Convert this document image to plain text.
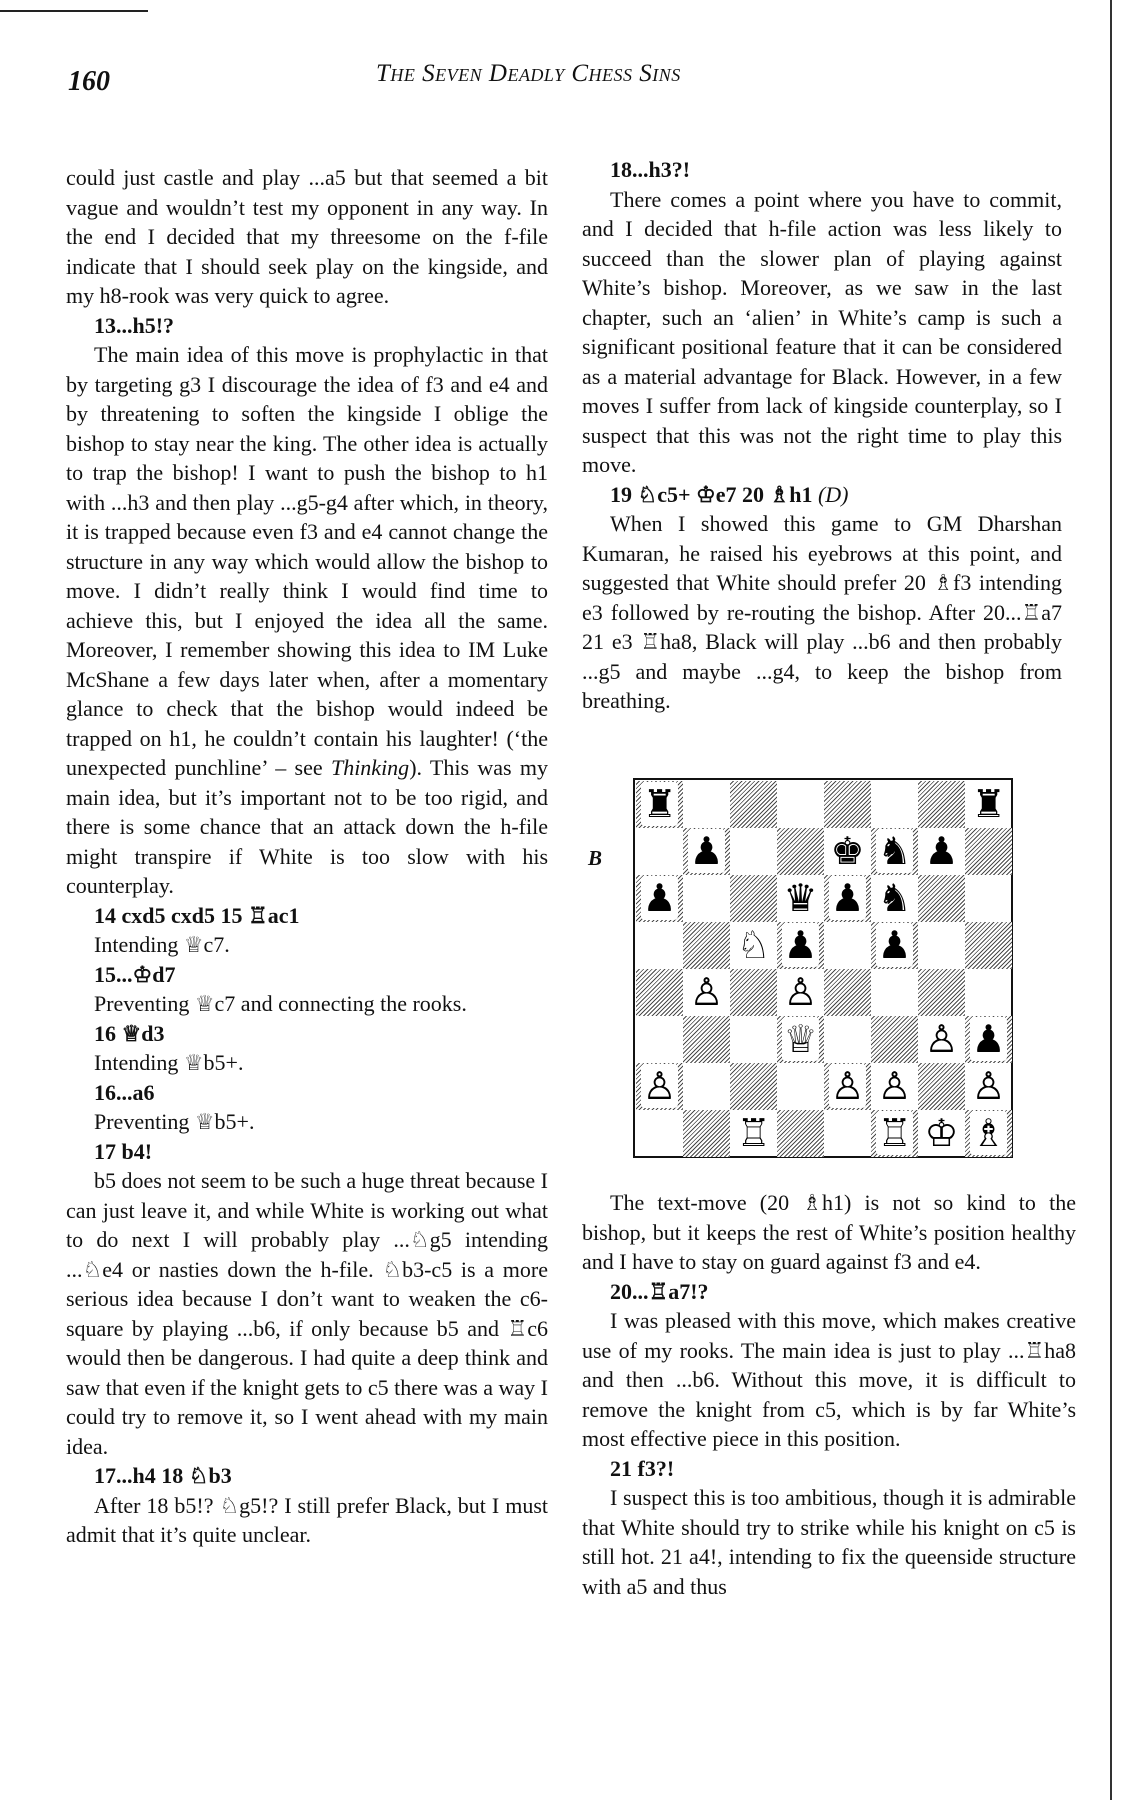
160	The Seven Deadly Chess Sins

could just castle and play ...a5 but that seemed a bit vague and wouldn’t test my opponent in any way. In the end I decided that my threesome on the f-file indicate that I should seek play on the kingside, and my h8-rook was very quick to agree.

13...h5!?

The main idea of this move is prophylactic in that by targeting g3 I discourage the idea of f3 and e4 and by threatening to soften the kingside I oblige the bishop to stay near the king. The other idea is actually to trap the bishop! I want to push the bishop to h1 with ...h3 and then play ...g5-g4 after which, in theory, it is trapped because even f3 and e4 cannot change the structure in any way which would allow the bishop to move. I didn’t really think I would find time to achieve this, but I enjoyed the idea all the same. Moreover, I remember showing this idea to IM Luke McShane a few days later when, after a momentary glance to check that the bishop would indeed be trapped on h1, he couldn’t contain his laughter! (‘the unexpected punchline’ – see Thinking). This was my main idea, but it’s important not to be too rigid, and there is some chance that an attack down the h-file might transpire if White is too slow with his counterplay.

14 cxd5 cxd5 15 ♖ac1

Intending ♕c7.

15...♔d7

Preventing ♕c7 and connecting the rooks.

16 ♕d3

Intending ♕b5+.

16...a6

Preventing ♕b5+.

17 b4!

b5 does not seem to be such a huge threat because I can just leave it, and while White is working out what to do next I will probably play ...♘g5 intending ...♘e4 or nasties down the h-file. ♘b3-c5 is a more serious idea because I don’t want to weaken the c6-square by playing ...b6, if only because b5 and ♖c6 would then be dangerous. I had quite a deep think and saw that even if the knight gets to c5 there was a way I could try to remove it, so I went ahead with my main idea.

17...h4 18 ♘b3

After 18 b5!? ♘g5!? I still prefer Black, but I must admit that it’s quite unclear.

18...h3?!

There comes a point where you have to commit, and I decided that h-file action was less likely to succeed than the slower plan of playing against White’s bishop. Moreover, as we saw in the last chapter, such an ‘alien’ in White’s camp is such a significant positional feature that it can be considered as a material advantage for Black. However, in a few moves I suffer from lack of kingside counterplay, so I suspect that this was not the right time to play this move.

19 ♘c5+ ♔e7 20 ♗h1 (D)

When I showed this game to GM Dharshan Kumaran, he raised his eyebrows at this point, and suggested that White should prefer 20 ♗f3 intending e3 followed by re-routing the bishop. After 20...♖a7 21 e3 ♖ha8, Black will play ...b6 and then probably ...g5 and maybe ...g4, to keep the bishop from breathing.

B
♜	♜
♟	♚ ♞ ♟
♟	♛ ♟ ♞
♘ ♟ ♟
♙ ♙
♕	♙ ♟
♙	♙ ♙ ♙
♖	♖ ♔ ♗

The text-move (20 ♗h1) is not so kind to the bishop, but it keeps the rest of White’s position healthy and I have to stay on guard against f3 and e4.

20...♖a7!?

I was pleased with this move, which makes creative use of my rooks. The main idea is just to play ...♖ha8 and then ...b6. Without this move, it is difficult to remove the knight from c5, which is by far White’s most effective piece in this position.

21 f3?!

I suspect this is too ambitious, though it is admirable that White should try to strike while his knight on c5 is still hot. 21 a4!, intending to fix the queenside structure with a5 and thus
